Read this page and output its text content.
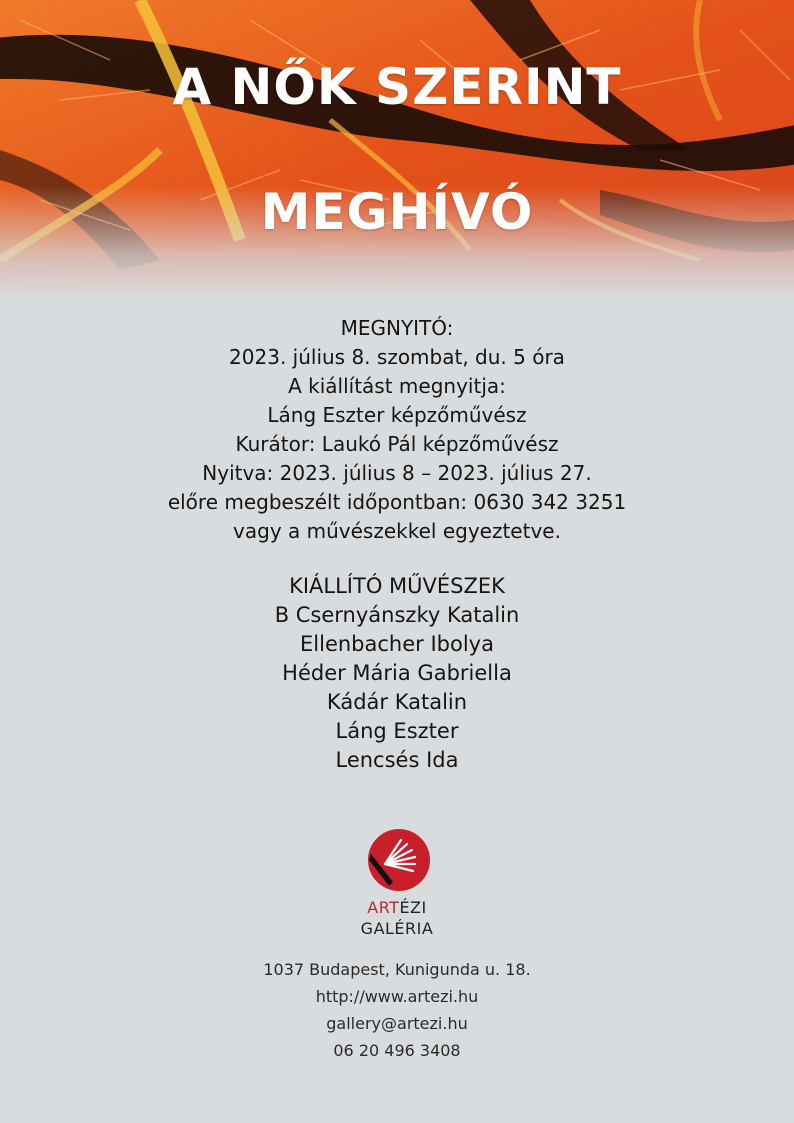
A NŐK SZERINT
MEGHÍVÓ
MEGNYITÓ:
2023. július 8. szombat, du. 5 óra
A kiállítást megnyitja:
Láng Eszter képzőművész
Kurátor: Laukó Pál képzőművész
Nyitva: 2023. július 8 – 2023. július 27.
előre megbeszélt időpontban: 0630 342 3251
vagy a művészekkel egyeztetve.
KIÁLLÍTÓ MŰVÉSZEK
B Csernyánszky Katalin
Ellenbacher Ibolya
Héder Mária Gabriella
Kádár Katalin
Láng Eszter
Lencsés Ida
ARTÉZI
GALÉRIA
1037 Budapest, Kunigunda u. 18.
http://www.artezi.hu
gallery@artezi.hu
06 20 496 3408
